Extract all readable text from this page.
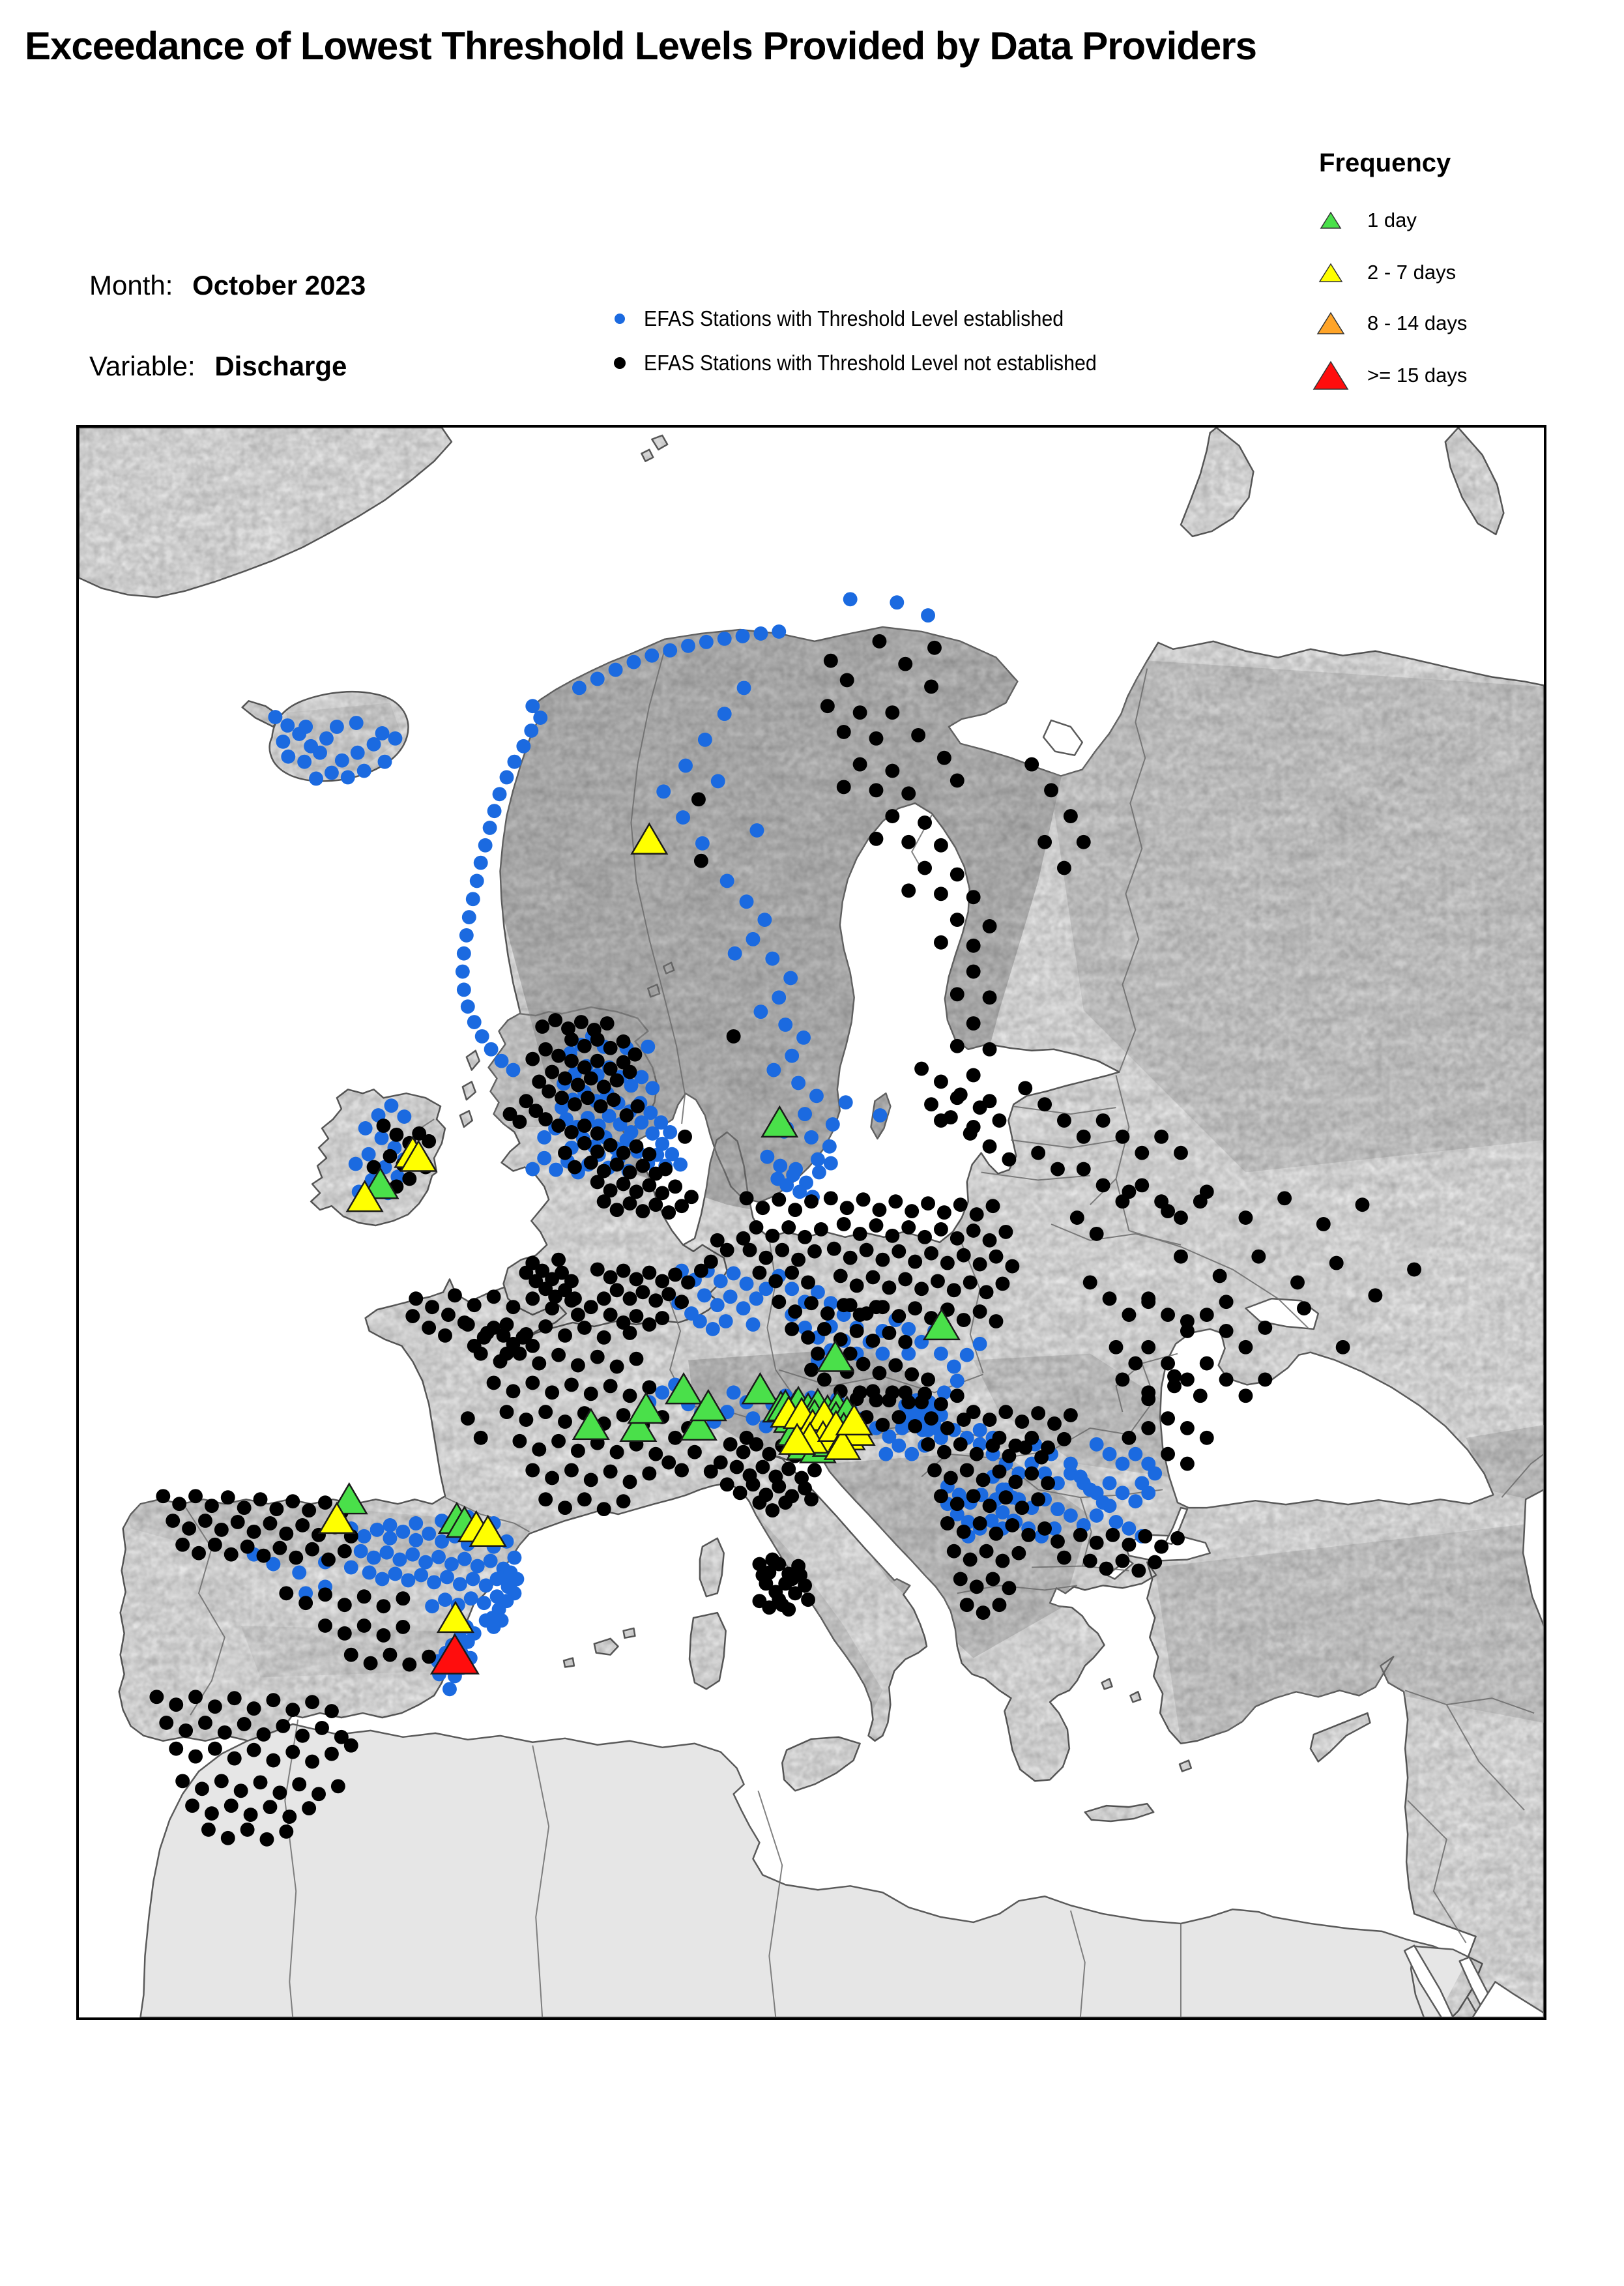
Exceedance of Lowest Threshold Levels Provided by Data Providers
Month: October 2023
Variable: Discharge
EFAS Stations with Threshold Level established
EFAS Stations with Threshold Level not established
Frequency
1 day
2 - 7 days
8 - 14 days
>= 15 days
